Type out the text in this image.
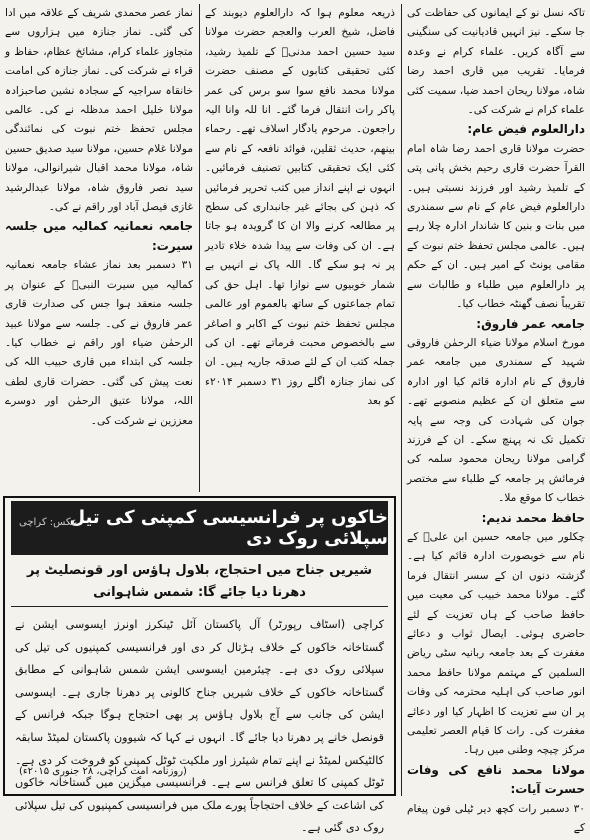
تاکہ نسل نو کے ایمانوں کی حفاظت کی جا سکے۔ نیز انہیں قادیانیت کی سنگینی سے آگاہ کریں۔ علماء کرام نے وعدہ فرمایا۔ تقریب میں قاری احمد رضا شاہ، مولانا ریحان احمد ضیا، سمیت کئی علماء کرام نے شرکت کی۔

دارالعلوم فیض عام:

حضرت مولانا قاری احمد رضا شاہ امام القرآ حضرت قاری رحیم بخش پانی پتی کے تلمیذ رشید اور فرزند نسبتی ہیں۔ دارالعلوم فیض عام کے نام سے سمندری میں بنات و بنین کا شاندار ادارہ چلا رہے ہیں۔ عالمی مجلس تحفظ ختم نبوت کے مقامی یونٹ کے امیر ہیں۔ ان کے حکم پر دارالعلوم میں طلباء و طالبات سے تقریباً نصف گھنٹہ خطاب کیا۔

جامعہ عمر فاروق:

مورخ اسلام مولانا ضیاء الرحمٰن فاروقی شہید کے سمندری میں جامعہ عمر فاروق کے نام ادارہ قائم کیا اور ادارہ سے متعلق ان کے عظیم منصوبے تھے۔ جوان کی شہادت کی وجہ سے پایہ تکمیل تک نہ پہنچ سکے۔ ان کے فرزند گرامی مولانا ریحان محمود سلمہ کی فرمائش پر جامعہ کے طلباء سے مختصر خطاب کا موقع ملا۔

حافظ محمد ندیم:

چکلور میں جامعہ حسین ابن علیؓ کے نام سے خوبصورت ادارہ قائم کیا ہے۔ گزشتہ دنوں ان کے سسر انتقال فرما گئے۔ مولانا محمد خبیب کی معیت میں حافظ صاحب کے ہاں تعزیت کے لئے حاضری ہوئی۔ ایصال ثواب و دعائے مغفرت کے بعد جامعہ ربانیہ سٹی ریاض السلمین کے مہتمم مولانا حافظ محمد انور صاحب کی اہلیہ محترمہ کی وفات پر ان سے تعزیت کا اظہار کیا اور دعائے مغفرت کی۔ رات کا قیام العصر تعلیمی مرکز چیچہ وطنی میں رہا۔

مولانا محمد نافع کی وفات حسرت آیات:

۳۰ دسمبر رات کچھ دیر ٹیلی فون پیغام کے

ذریعہ معلوم ہوا کہ دارالعلوم دیوبند کے فاضل، شیخ العرب والعجم حضرت مولانا سید حسین احمد مدنیؒ کے تلمیذ رشید، کئی تحقیقی کتابوں کے مصنف حضرت مولانا محمد نافع سوا سو برس کی عمر پاکر رات انتقال فرما گئے۔ انا للہ وانا الیہ راجعون۔ مرحوم یادگار اسلاف تھے۔ رحماء بینھم، حدیث ثقلین، فوائد نافعہ کے نام سے کئی ایک تحقیقی کتابیں تصنیف فرمائیں۔ انہوں نے اپنے انداز میں کتب تحریر فرمائیں کہ ذہن کی بجائے غیر جانبداری کی سطح پر مطالعہ کرنے والا ان کا گرویدہ ہو جاتا ہے۔ ان کی وفات سے پیدا شدہ خلاء تادیر پر نہ ہو سکے گا۔ اللہ پاک نے انہیں بے شمار خوبیوں سے نوازا تھا۔ اہل حق کی تمام جماعتوں کے ساتھ بالعموم اور عالمی مجلس تحفظ ختم نبوت کے اکابر و اصاغر سے بالخصوص محبت فرماتے تھے۔ ان کی جملہ کتب ان کے لئے صدقہ جاریہ ہیں۔ ان کی نماز جنازہ اگلے روز ۳۱ دسمبر ۲۰۱۴ء کو بعد

نماز عصر محمدی شریف کے علاقہ میں ادا کی گئی۔ نماز جنازہ میں ہزاروں سے متجاوز علماء کرام، مشائخ عظام، حفاظ و قراء نے شرکت کی۔ نماز جنازہ کی امامت خانقاہ سراجیہ کے سجادہ نشین صاحبزادہ مولانا خلیل احمد مدظلہ نے کی۔ عالمی مجلس تحفظ ختم نبوت کی نمائندگی مولانا غلام حسین، مولانا سید صدیق حسین شاہ، مولانا محمد اقبال شیرانوالی، مولانا سید نصر فاروق شاہ، مولانا عبدالرشید غازی فیصل آباد اور راقم نے کی۔

جامعہ نعمانیہ کمالیہ میں جلسہ سیرت:

۳۱ دسمبر بعد نماز عشاء جامعہ نعمانیہ کمالیہ میں سیرت النبیؐ کے عنوان پر جلسہ منعقد ہوا جس کی صدارت قاری عمر فاروق نے کی۔ جلسہ سے مولانا عبید الرحمٰن ضیاء اور راقم نے خطاب کیا۔ جلسہ کی ابتداء میں قاری حبیب اللہ کی نعت پیش کی گئی۔ حضرات قاری لطف اللہ، مولانا عتیق الرحمٰن اور دوسرے معززین نے شرکت کی۔

خاکوں پر فرانسیسی کمپنی کی تیل سپلائی روک دی
عکس: کراچی
شیریں جناح میں احتجاج، بلاول ہاؤس اور قونصلیٹ پر دھرنا دیا جائے گا: شمس شاہوانی
کراچی (اسٹاف رپورٹر) آل پاکستان آئل ٹینکرز اونرز ایسوسی ایشن نے گستاخانہ خاکوں کے خلاف ہڑتال کر دی اور فرانسیسی کمپنیوں کی تیل کی سپلائی روک دی ہے۔ چیئرمین ایسوسی ایشن شمس شاہوانی کے مطابق گستاخانہ خاکوں کے خلاف شیریں جناح کالونی پر دھرنا جاری ہے۔ ایسوسی ایشن کی جانب سے آج بلاول ہاؤس پر بھی احتجاج ہوگا جبکہ فرانس کے قونصل خانے پر دھرنا دیا جائے گا۔ انہوں نے کہا کہ شیوون پاکستان لمیٹڈ سابقہ کالٹیکس لمیٹڈ نے اپنے تمام شیئرز اور ملکیت ٹوٹل کمپنی کو فروخت کر دی ہے۔ ٹوٹل کمپنی کا تعلق فرانس سے ہے۔ فرانسیسی میگزین میں گستاخانہ خاکوں کی اشاعت کے خلاف احتجاجاً پورے ملک میں فرانسیسی کمپنیوں کی تیل سپلائی روک دی گئی ہے۔
(روزنامہ امت کراچی، ۲۸ جنوری ۲۰۱۵ء)
